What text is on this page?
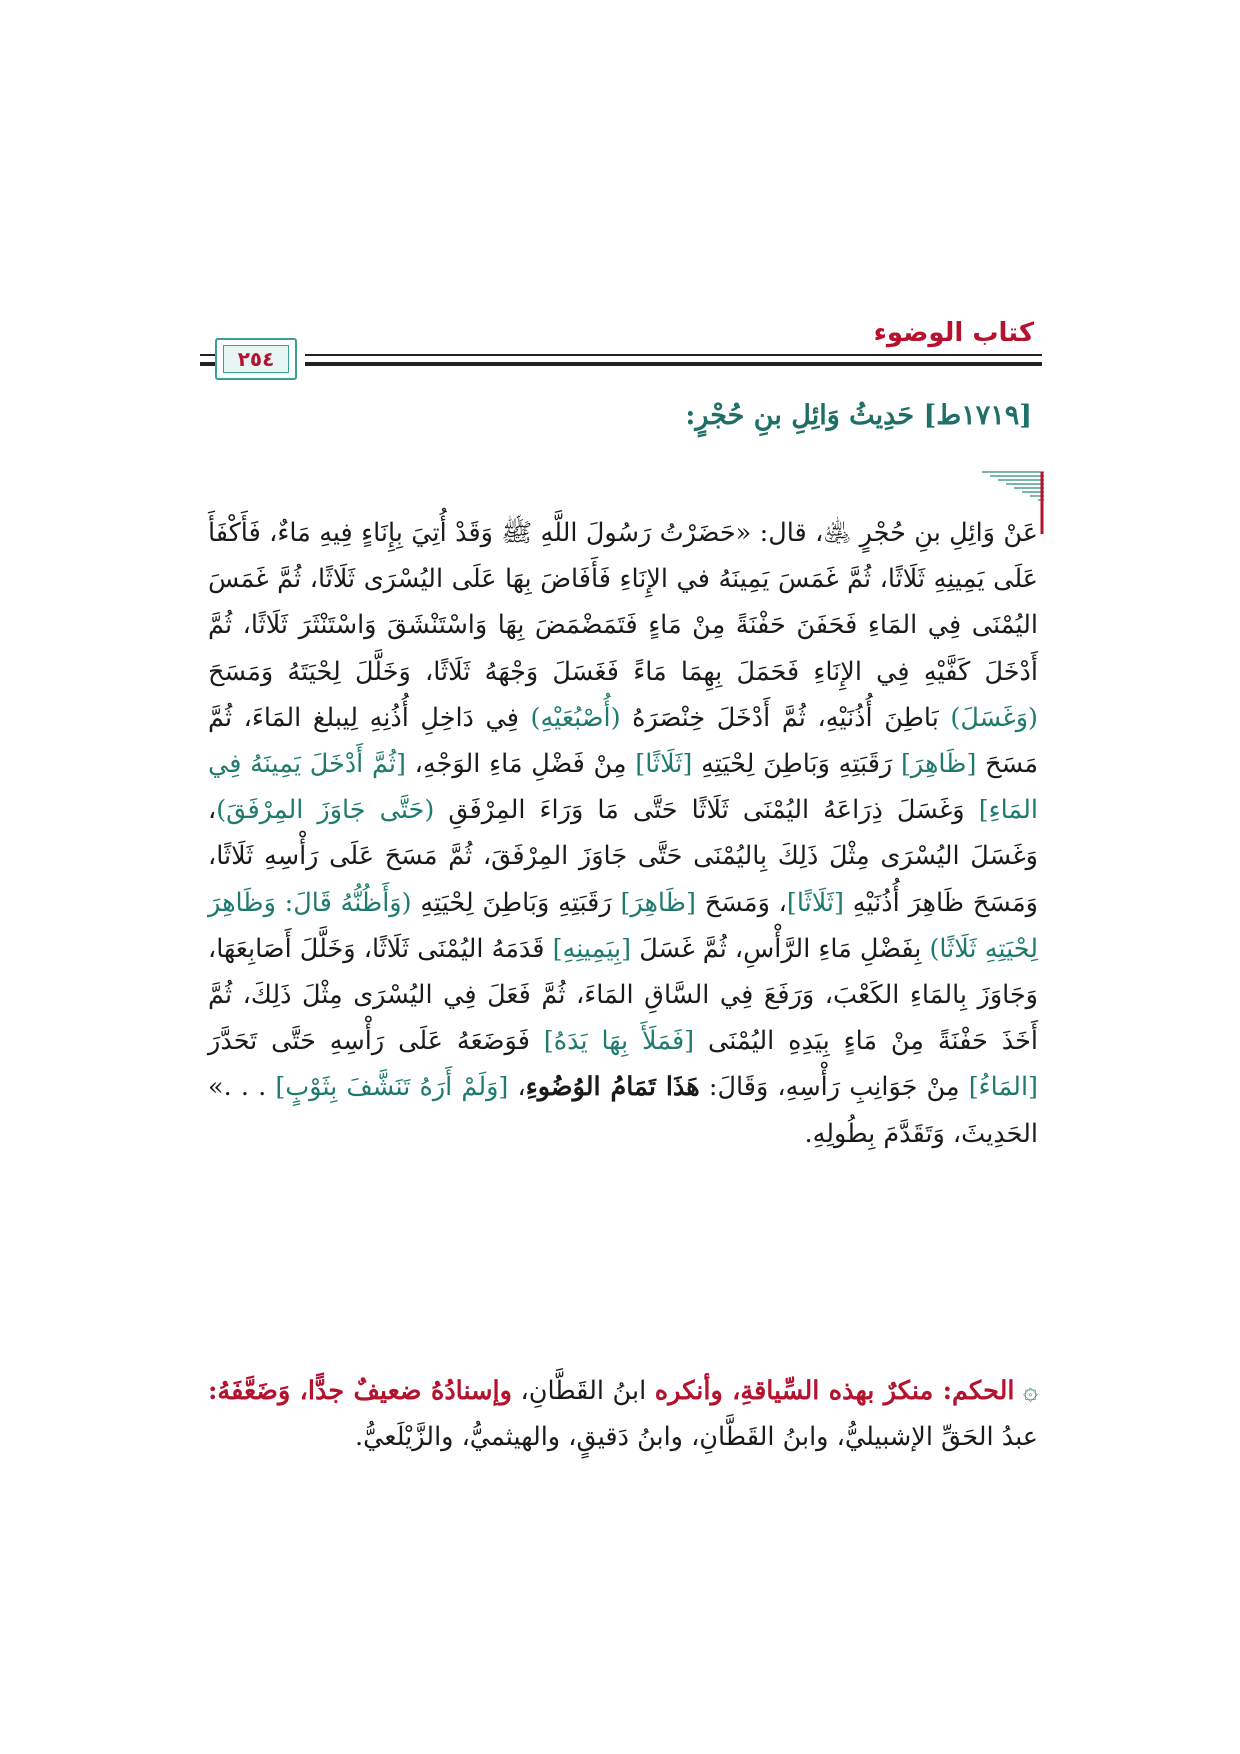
كتاب الوضوء
٢٥٤
[١٧١٩ط] حَدِيثُ وَائِلِ بنِ حُجْرٍ:
عَنْ وَائِلِ بنِ حُجْرٍ ﵁، قال: «حَضَرْتُ رَسُولَ اللَّهِ ﷺ وَقَدْ أُتِيَ بِإِنَاءٍ فِيهِ مَاءٌ، فَأَكْفَأَ عَلَى يَمِينِهِ ثَلَاثًا، ثُمَّ غَمَسَ يَمِينَهُ في الإِنَاءِ فَأَفَاضَ بِهَا عَلَى اليُسْرَى ثَلَاثًا، ثُمَّ غَمَسَ اليُمْنَى فِي المَاءِ فَحَفَنَ حَفْنَةً مِنْ مَاءٍ فَتَمَضْمَضَ بِهَا وَاسْتَنْشَقَ وَاسْتَنْثَرَ ثَلَاثًا، ثُمَّ أَدْخَلَ كَفَّيْهِ فِي الإِنَاءِ فَحَمَلَ بِهِمَا مَاءً فَغَسَلَ وَجْهَهُ ثَلَاثًا، وَخَلَّلَ لِحْيَتَهُ وَمَسَحَ (وَغَسَلَ) بَاطِنَ أُذُنَيْهِ، ثُمَّ أَدْخَلَ خِنْصَرَهُ (أُصْبُعَيْهِ) فِي دَاخِلِ أُذُنِهِ لِيبلغ المَاءَ، ثُمَّ مَسَحَ [ظَاهِرَ] رَقَبَتِهِ وَبَاطِنَ لِحْيَتِهِ [ثَلَاثًا] مِنْ فَضْلِ مَاءِ الوَجْهِ، [ثُمَّ أَدْخَلَ يَمِينَهُ فِي المَاءِ] وَغَسَلَ ذِرَاعَهُ اليُمْنَى ثَلَاثًا حَتَّى مَا وَرَاءَ المِرْفَقِ (حَتَّى جَاوَزَ المِرْفَقَ)، وَغَسَلَ اليُسْرَى مِثْلَ ذَلِكَ بِاليُمْنَى حَتَّى جَاوَزَ المِرْفَقَ، ثُمَّ مَسَحَ عَلَى رَأْسِهِ ثَلَاثًا، وَمَسَحَ ظَاهِرَ أُذُنَيْهِ [ثَلَاثًا]، وَمَسَحَ [ظَاهِرَ] رَقَبَتِهِ وَبَاطِنَ لِحْيَتِهِ (وَأَظُنُّهُ قَالَ: وَظَاهِرَ لِحْيَتِهِ ثَلَاثًا) بِفَضْلِ مَاءِ الرَّأْسِ، ثُمَّ غَسَلَ [بِيَمِينِهِ] قَدَمَهُ اليُمْنَى ثَلَاثًا، وَخَلَّلَ أَصَابِعَهَا، وَجَاوَزَ بِالمَاءِ الكَعْبَ، وَرَفَعَ فِي السَّاقِ المَاءَ، ثُمَّ فَعَلَ فِي اليُسْرَى مِثْلَ ذَلِكَ، ثُمَّ أَخَذَ حَفْنَةً مِنْ مَاءٍ بِيَدِهِ اليُمْنَى [فَمَلَأَ بِهَا يَدَهُ] فَوَضَعَهُ عَلَى رَأْسِهِ حَتَّى تَحَدَّرَ [المَاءُ] مِنْ جَوَانِبِ رَأْسِهِ، وَقَالَ: هَذَا تَمَامُ الوُضُوءِ، [وَلَمْ أَرَهُ تَنَشَّفَ بِثَوْبٍ] . . .» الحَدِيثَ، وَتَقَدَّمَ بِطُولِهِ.
۞ الحكم: منكرٌ بهذه السِّياقةِ، وأنكره ابنُ القَطَّانِ، وإسنادُهُ ضعيفٌ جدًّا، وَضَعَّفَهُ: عبدُ الحَقِّ الإشبيليُّ، وابنُ القَطَّانِ، وابنُ دَقيقٍ، والهيثميُّ، والزَّيْلَعيُّ.
